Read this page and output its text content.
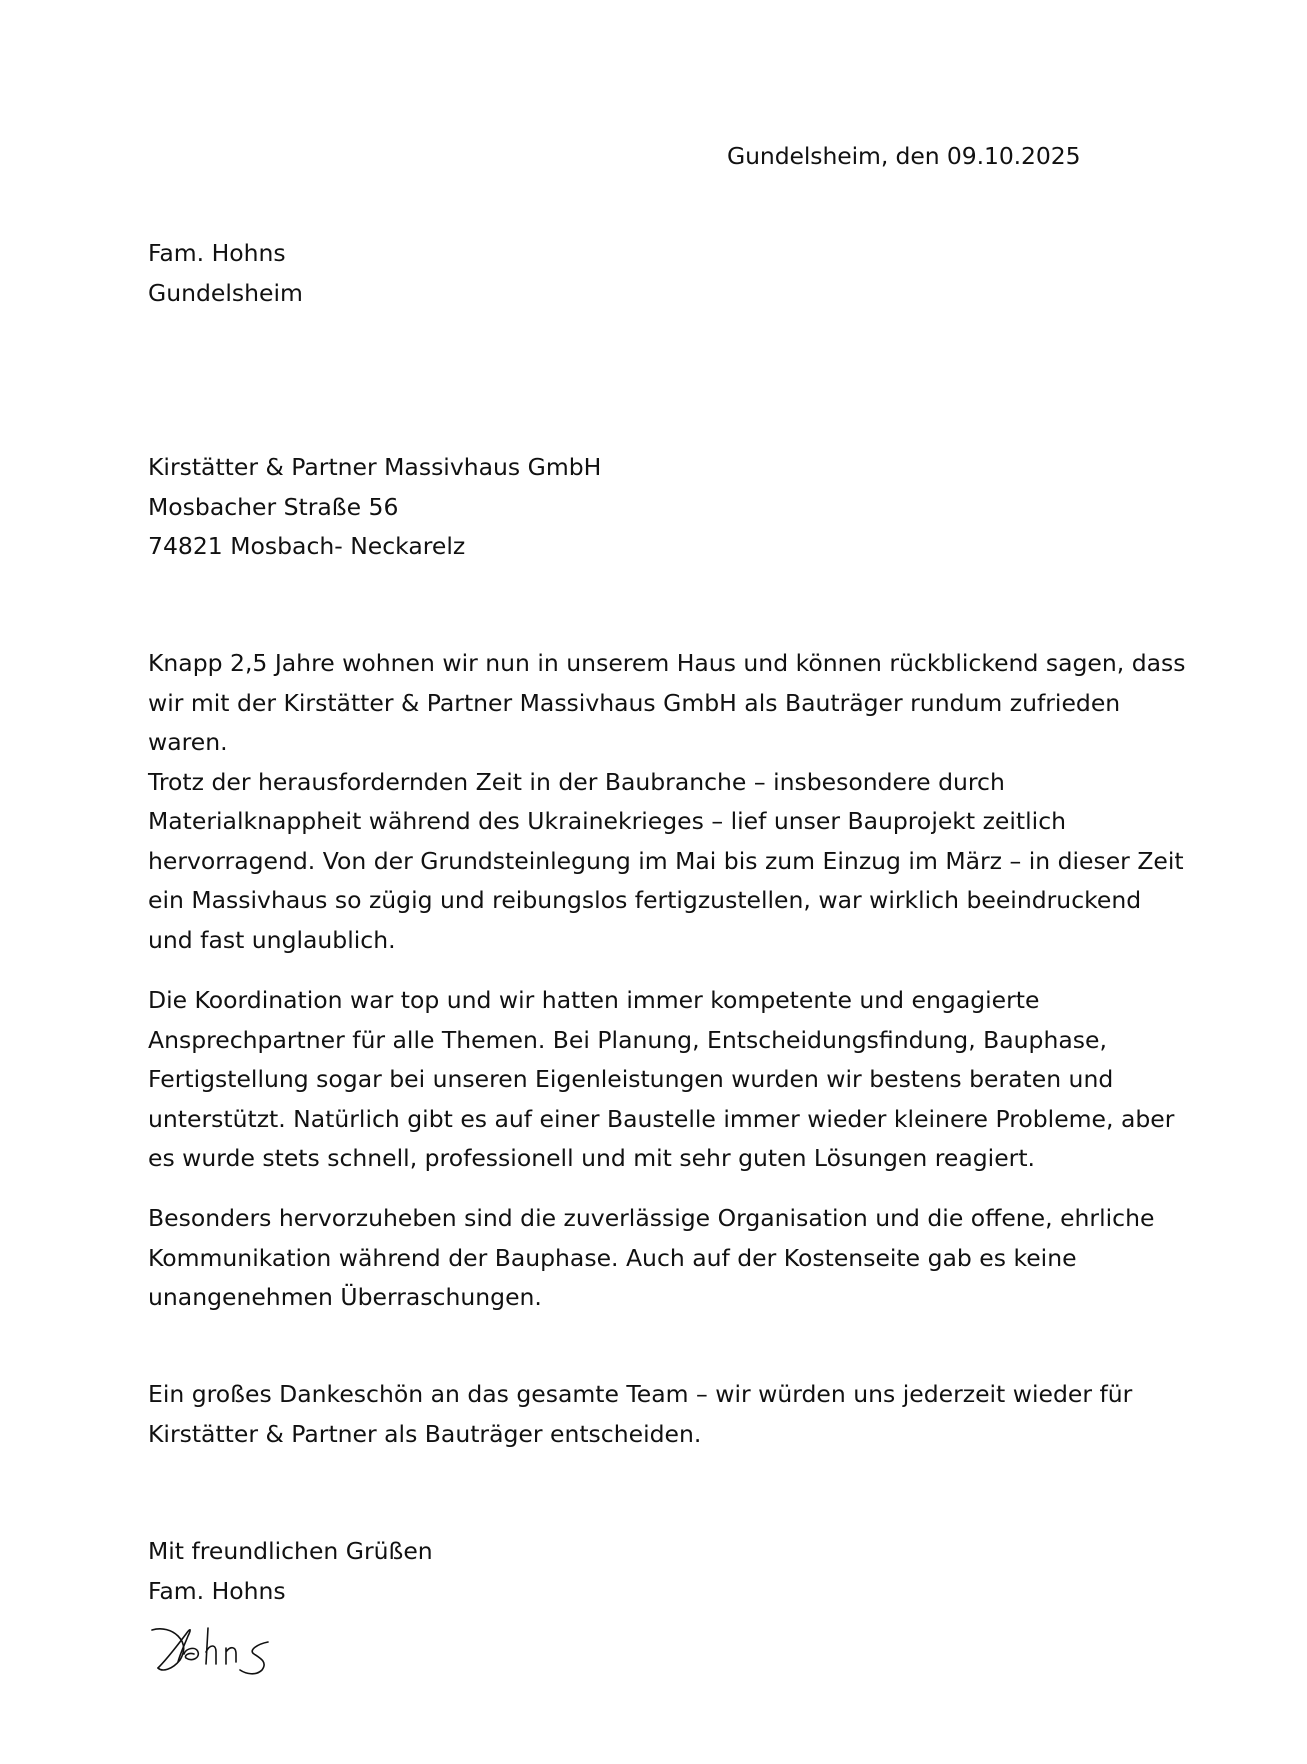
Gundelsheim, den 09.10.2025
Fam. Hohns
Gundelsheim
Kirstätter & Partner Massivhaus GmbH
Mosbacher Straße 56
74821 Mosbach- Neckarelz
Knapp 2,5 Jahre wohnen wir nun in unserem Haus und können rückblickend sagen, dass
wir mit der Kirstätter & Partner Massivhaus GmbH als Bauträger rundum zufrieden
waren.
Trotz der herausfordernden Zeit in der Baubranche – insbesondere durch
Materialknappheit während des Ukrainekrieges – lief unser Bauprojekt zeitlich
hervorragend. Von der Grundsteinlegung im Mai bis zum Einzug im März – in dieser Zeit
ein Massivhaus so zügig und reibungslos fertigzustellen, war wirklich beeindruckend
und fast unglaublich.
Die Koordination war top und wir hatten immer kompetente und engagierte
Ansprechpartner für alle Themen. Bei Planung, Entscheidungsfindung, Bauphase,
Fertigstellung sogar bei unseren Eigenleistungen wurden wir bestens beraten und
unterstützt. Natürlich gibt es auf einer Baustelle immer wieder kleinere Probleme, aber
es wurde stets schnell, professionell und mit sehr guten Lösungen reagiert.
Besonders hervorzuheben sind die zuverlässige Organisation und die offene, ehrliche
Kommunikation während der Bauphase. Auch auf der Kostenseite gab es keine
unangenehmen Überraschungen.
Ein großes Dankeschön an das gesamte Team – wir würden uns jederzeit wieder für
Kirstätter & Partner als Bauträger entscheiden.
Mit freundlichen Grüßen
Fam. Hohns
